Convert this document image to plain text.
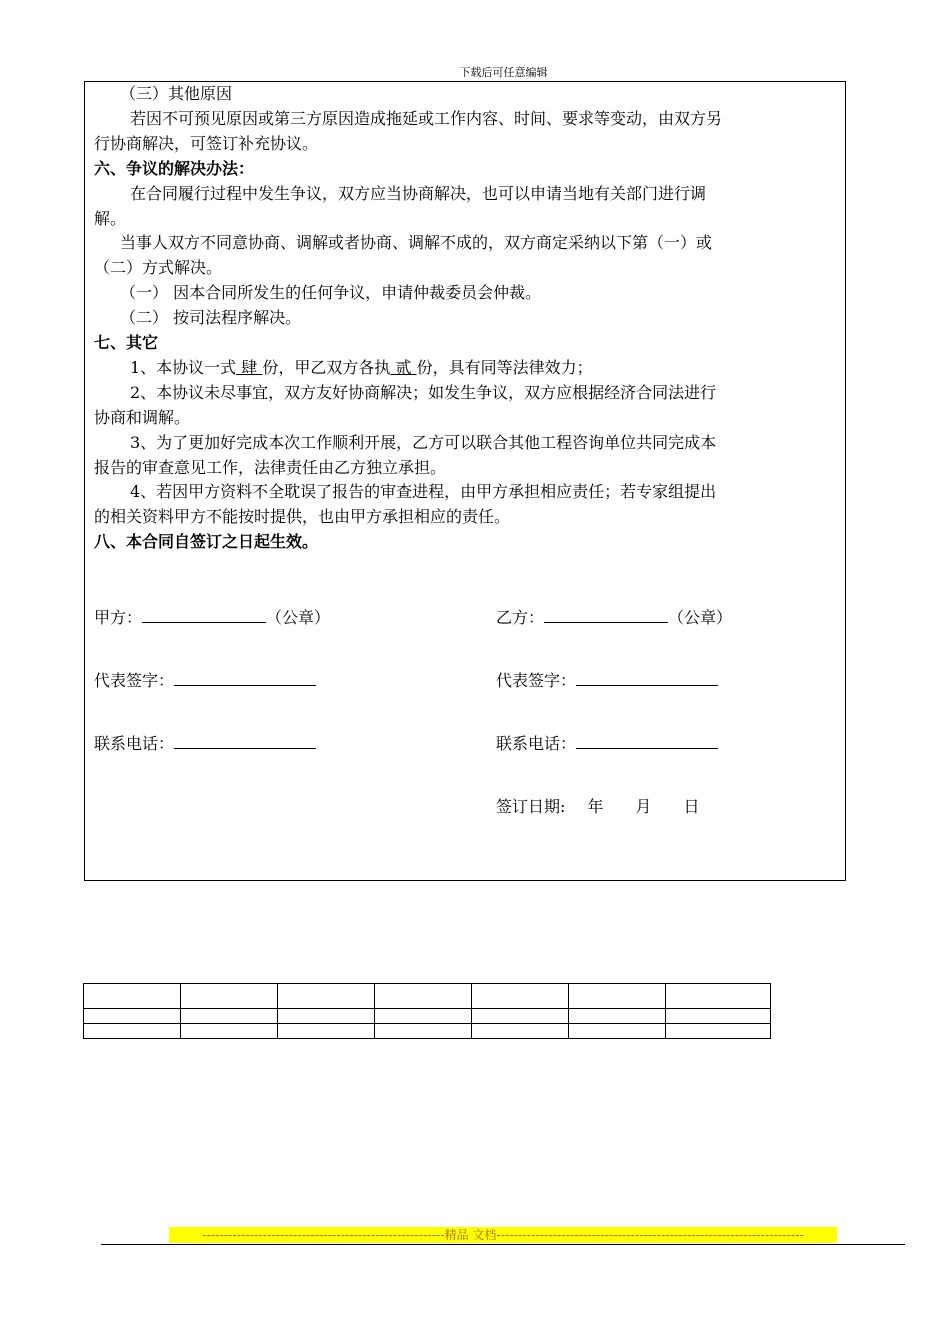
下载后可任意编辑
（三）其他原因
若因不可预见原因或第三方原因造成拖延或工作内容、时间、要求等变动，由双方另
行协商解决，可签订补充协议。
六、争议的解决办法：
在合同履行过程中发生争议，双方应当协商解决，也可以申请当地有关部门进行调
解。
当事人双方不同意协商、调解或者协商、调解不成的，双方商定采纳以下第（一）或
（二）方式解决。
（一） 因本合同所发生的任何争议，申请仲裁委员会仲裁。
（二） 按司法程序解决。
七、其它
1、本协议一式 肆 份，甲乙双方各执 贰 份，具有同等法律效力；
2、本协议未尽事宜，双方友好协商解决；如发生争议，双方应根据经济合同法进行
协商和调解。
3、为了更加好完成本次工作顺利开展，乙方可以联合其他工程咨询单位共同完成本
报告的审查意见工作，法律责任由乙方独立承担。
4、若因甲方资料不全耽误了报告的审查进程，由甲方承担相应责任；若专家组提出
的相关资料甲方不能按时提供，也由甲方承担相应的责任。
八、本合同自签订之日起生效。
甲方：	（公章）	乙方：	（公章）
代表签字：	代表签字：
联系电话：	联系电话：
签订日期: 年 月 日

--------------------------------------------------------精品 文档-----------------------------------------------------------------------
